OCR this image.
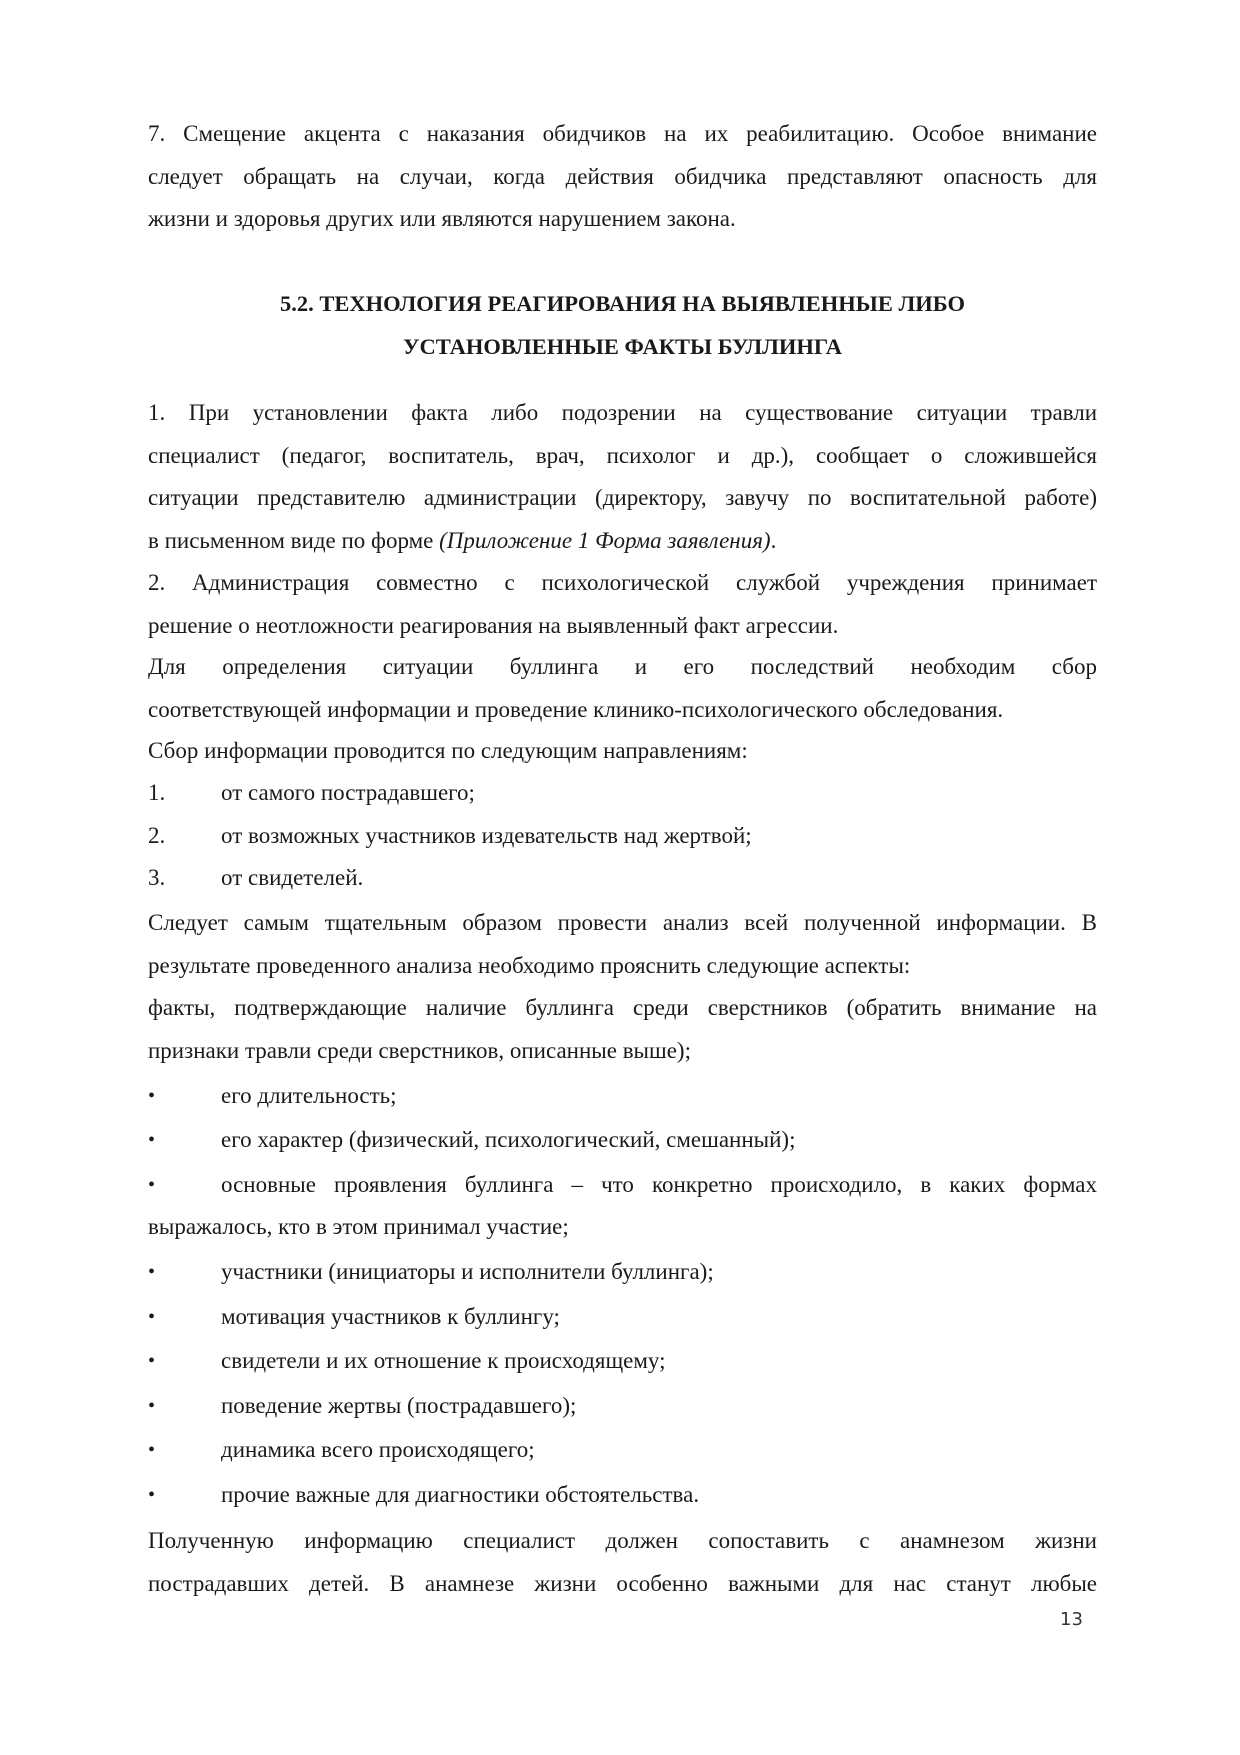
7. Смещение акцента с наказания обидчиков на их реабилитацию. Особое внимание

следует обращать на случаи, когда действия обидчика представляют опасность для

жизни и здоровья других или являются нарушением закона.

5.2. ТЕХНОЛОГИЯ РЕАГИРОВАНИЯ НА ВЫЯВЛЕННЫЕ ЛИБО

УСТАНОВЛЕННЫЕ ФАКТЫ БУЛЛИНГА

1. При установлении факта либо подозрении на существование ситуации травли

специалист (педагог, воспитатель, врач, психолог и др.), сообщает о сложившейся

ситуации представителю администрации (директору, завучу по воспитательной работе)

в письменном виде по форме (Приложение 1 Форма заявления).

2. Администрация совместно с психологической службой учреждения принимает

решение о неотложности реагирования на выявленный факт агрессии.

Для определения ситуации буллинга и его последствий необходим сбор

соответствующей информации и проведение клинико-психологического обследования.

Сбор информации проводится по следующим направлениям:

1. от самого пострадавшего;
2. от возможных участников издевательств над жертвой;
3. от свидетелей.

Следует самым тщательным образом провести анализ всей полученной информации. В

результате проведенного анализа необходимо прояснить следующие аспекты:

факты, подтверждающие наличие буллинга среди сверстников (обратить внимание на

признаки травли среди сверстников, описанные выше);

•	его длительность;
•	его характер (физический, психологический, смешанный);
•	основные проявления буллинга – что конкретно происходило, в каких формах

выражалось, кто в этом принимал участие;

•	участники (инициаторы и исполнители буллинга);
•	мотивация участников к буллингу;
•	свидетели и их отношение к происходящему;
•	поведение жертвы (пострадавшего);
•	динамика всего происходящего;
•	прочие важные для диагностики обстоятельства.

Полученную информацию специалист должен сопоставить с анамнезом жизни

пострадавших детей. В анамнезе жизни особенно важными для нас станут любые

13
